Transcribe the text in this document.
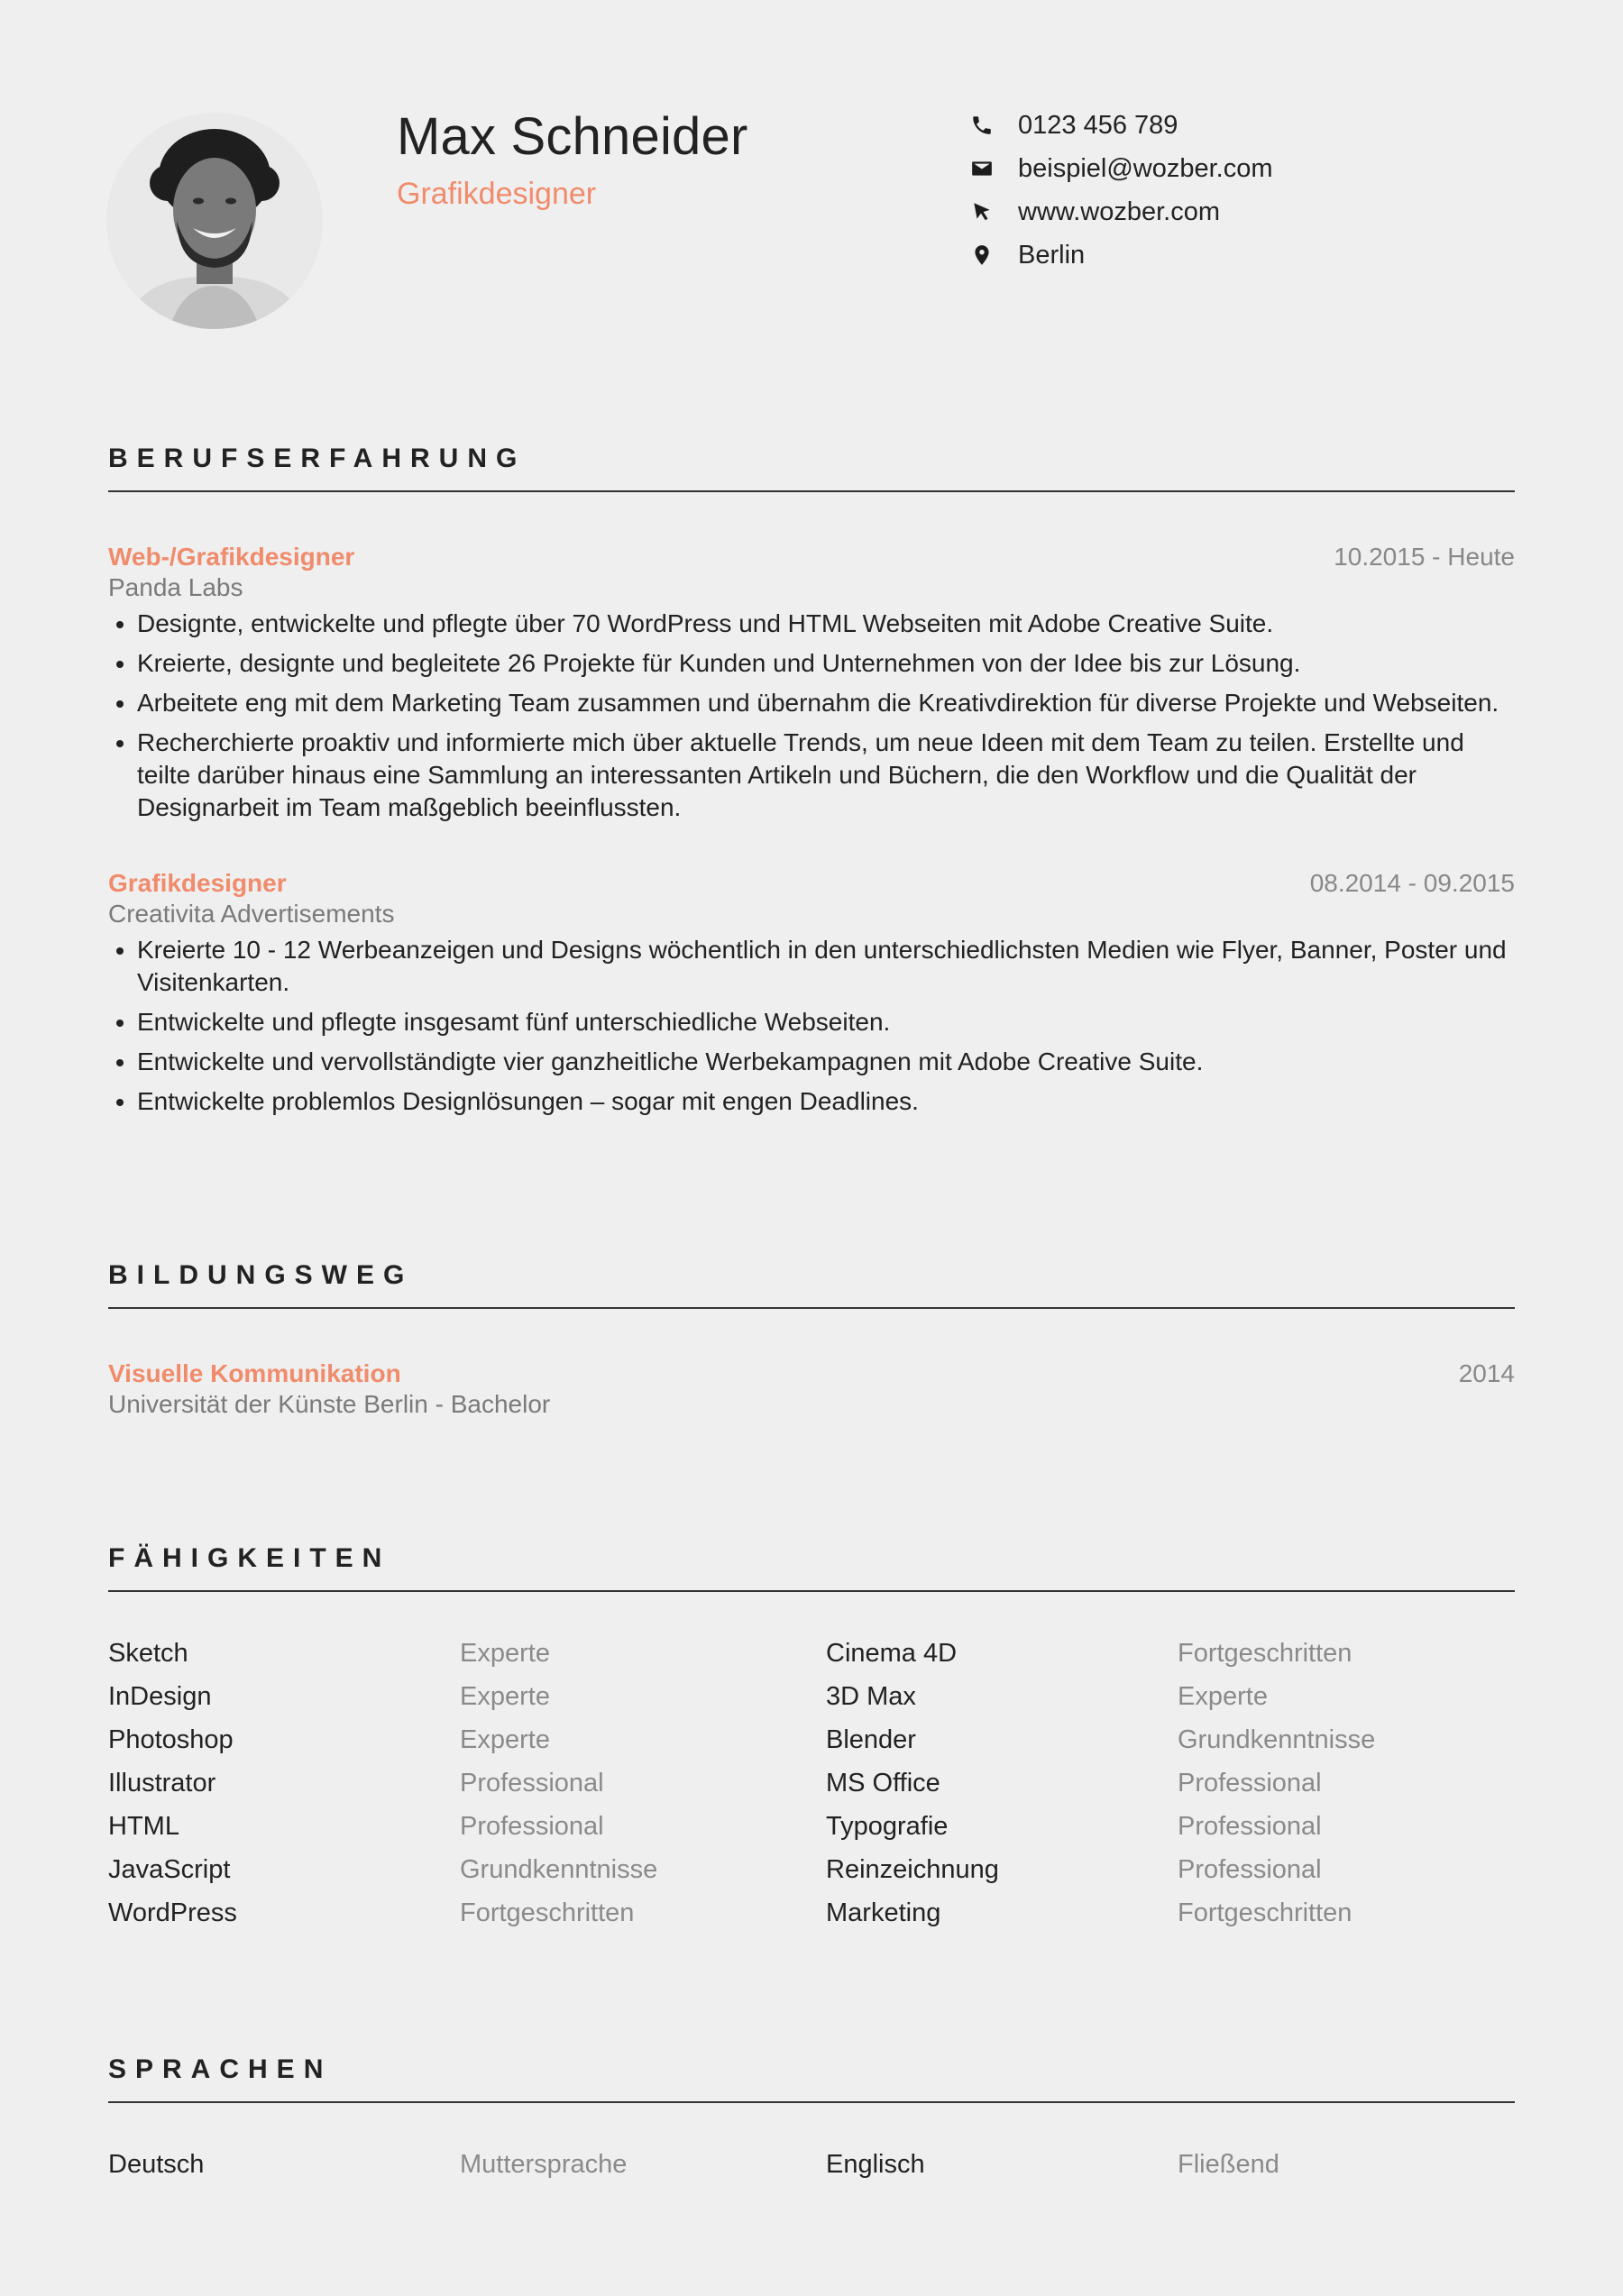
Max Schneider
Grafikdesigner
0123 456 789
beispiel@wozber.com
www.wozber.com
Berlin
BERUFSERFAHRUNG
Web-/Grafikdesigner	10.2015 - Heute
Panda Labs
• Designte, entwickelte und pflegte über 70 WordPress und HTML Webseiten mit Adobe Creative Suite.
• Kreierte, designte und begleitete 26 Projekte für Kunden und Unternehmen von der Idee bis zur Lösung.
• Arbeitete eng mit dem Marketing Team zusammen und übernahm die Kreativdirektion für diverse Projekte und Webseiten.
• Recherchierte proaktiv und informierte mich über aktuelle Trends, um neue Ideen mit dem Team zu teilen. Erstellte und teilte darüber hinaus eine Sammlung an interessanten Artikeln und Büchern, die den Workflow und die Qualität der Designarbeit im Team maßgeblich beeinflussten.
Grafikdesigner	08.2014 - 09.2015
Creativita Advertisements
• Kreierte 10 - 12 Werbeanzeigen und Designs wöchentlich in den unterschiedlichsten Medien wie Flyer, Banner, Poster und Visitenkarten.
• Entwickelte und pflegte insgesamt fünf unterschiedliche Webseiten.
• Entwickelte und vervollständigte vier ganzheitliche Werbekampagnen mit Adobe Creative Suite.
• Entwickelte problemlos Designlösungen – sogar mit engen Deadlines.
BILDUNGSWEG
Visuelle Kommunikation	2014
Universität der Künste Berlin - Bachelor
FÄHIGKEITEN
Sketch	Experte	Cinema 4D	Fortgeschritten
InDesign	Experte	3D Max	Experte
Photoshop	Experte	Blender	Grundkenntnisse
Illustrator	Professional	MS Office	Professional
HTML	Professional	Typografie	Professional
JavaScript	Grundkenntnisse	Reinzeichnung	Professional
WordPress	Fortgeschritten	Marketing	Fortgeschritten
SPRACHEN
Deutsch	Muttersprache	Englisch	Fließend
